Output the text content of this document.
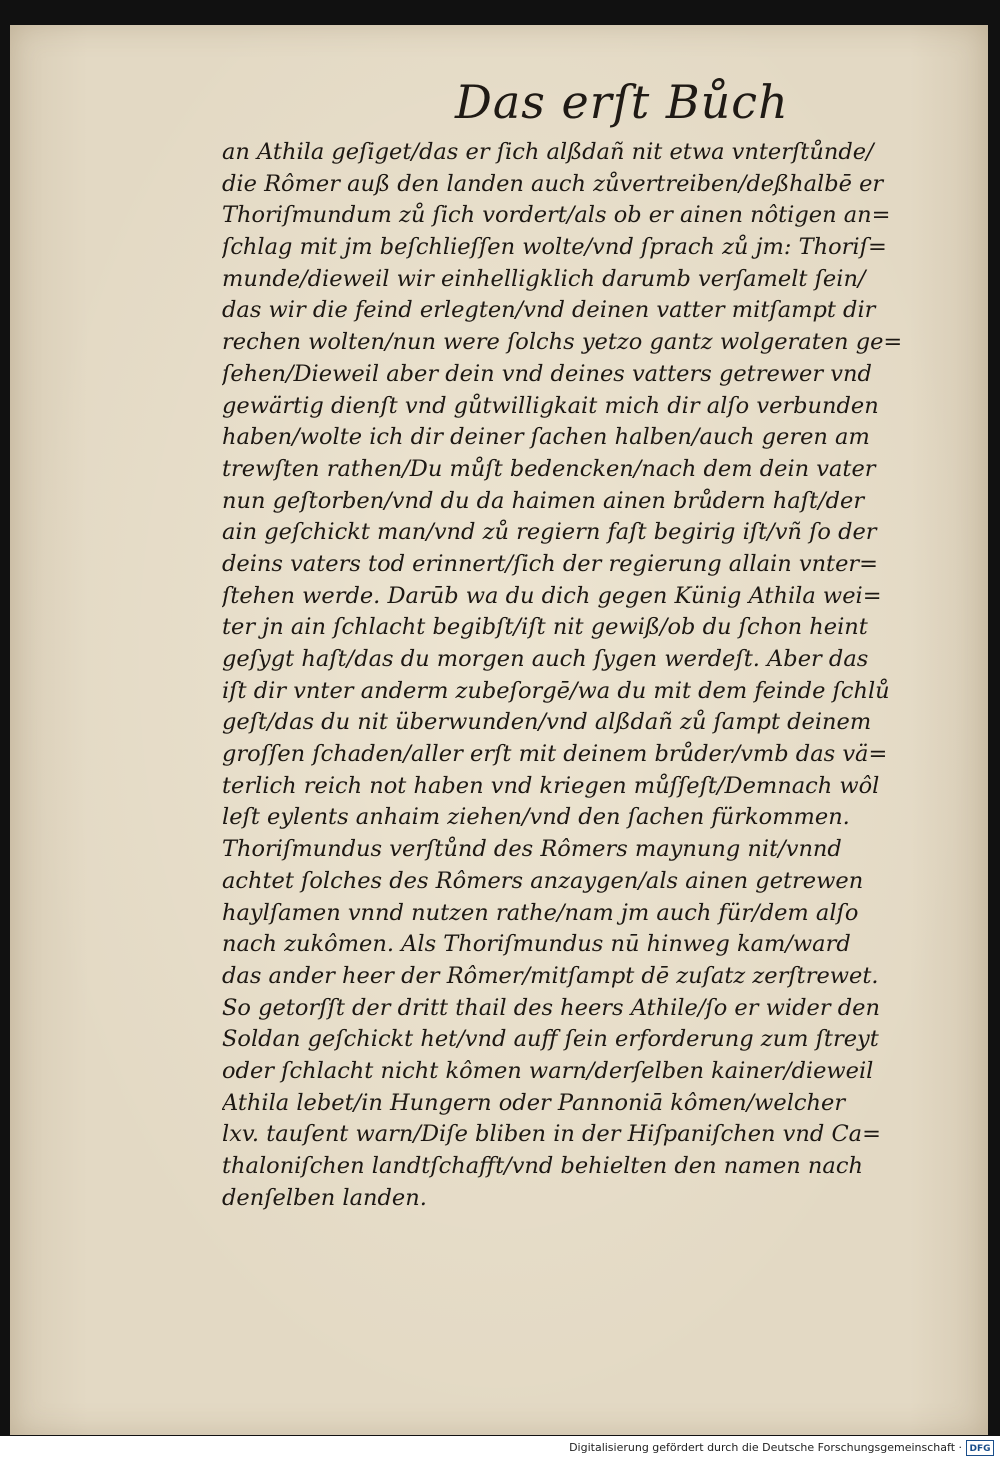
Das erſt Bůch
an Athila geſiget/das er ſich alßdañ nit etwa vnterſtůnde/
die Rômer auß den landen auch zůvertreiben/deßhalbē er
Thoriſmundum zů ſich vordert/als ob er ainen nôtigen an=
ſchlag mit jm beſchlieſſen wolte/vnd ſprach zů jm: Thoriſ=
munde/dieweil wir einhelligklich darumb verſamelt ſein/
das wir die feind erlegten/vnd deinen vatter mitſampt dir
rechen wolten/nun were ſolchs yetzo gantz wolgeraten ge=
ſehen/Dieweil aber dein vnd deines vatters getrewer vnd
gewärtig dienſt vnd gůtwilligkait mich dir alſo verbunden
haben/wolte ich dir deiner ſachen halben/auch geren am
trewſten rathen/Du můſt bedencken/nach dem dein vater
nun geſtorben/vnd du da haimen ainen brůdern haſt/der
ain geſchickt man/vnd zů regiern faſt begirig iſt/vñ ſo der
deins vaters tod erinnert/ſich der regierung allain vnter=
ſtehen werde. Darūb wa du dich gegen Künig Athila wei=
ter jn ain ſchlacht begibſt/iſt nit gewiß/ob du ſchon heint
geſygt haſt/das du morgen auch ſygen werdeſt. Aber das
iſt dir vnter anderm zubeſorgē/wa du mit dem feinde ſchlů
geſt/das du nit überwunden/vnd alßdañ zů ſampt deinem
groſſen ſchaden/aller erſt mit deinem brůder/vmb das vä=
terlich reich not haben vnd kriegen můſſeſt/Demnach wôl
leſt eylents anhaim ziehen/vnd den ſachen fürkommen.
Thoriſmundus verſtůnd des Rômers maynung nit/vnnd
achtet ſolches des Rômers anzaygen/als ainen getrewen
haylſamen vnnd nutzen rathe/nam jm auch für/dem alſo
nach zukômen. Als Thoriſmundus nū hinweg kam/ward
das ander heer der Rômer/mitſampt dē zuſatz zerſtrewet.
So getorſſt der dritt thail des heers Athile/ſo er wider den
Soldan geſchickt het/vnd auff ſein erforderung zum ſtreyt
oder ſchlacht nicht kômen warn/derſelben kainer/dieweil
Athila lebet/in Hungern oder Pannoniā kômen/welcher
lxv. tauſent warn/Diſe bliben in der Hiſpaniſchen vnd Ca=
thaloniſchen landtſchafft/vnd behielten den namen nach
denſelben landen.
Digitalisierung gefördert durch die Deutsche Forschungsgemeinschaft · DFG
